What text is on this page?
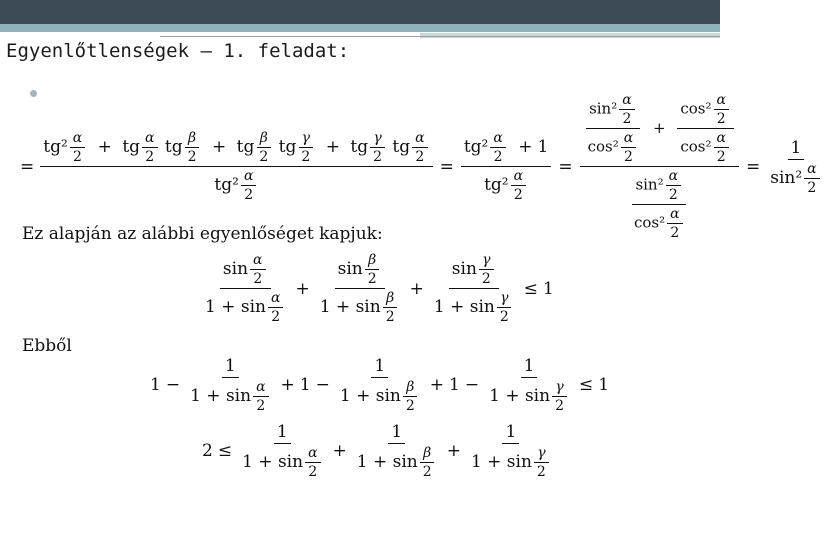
Egyenlőtlenségek – 1. feladat:
=
$tg^2 \frac{\alpha}{2}$ + tg $\frac{\alpha}{2}$ tg $\frac{\beta}{2}$ + tg $\frac{\beta}{2}$ tg $\frac{\gamma}{2}$ + tg $\frac{\gamma}{2}$ tg $\frac{\alpha}{2}$
$tg^2 \frac{\alpha}{2}$
= $\frac{tg^2 \frac{\alpha}{2} + 1}{tg^2 \frac{\alpha}{2}} = \frac{\frac{\sin^2 \frac{\alpha}{2}}{\cos^2 \frac{\alpha}{2}} + \frac{\cos^2 \frac{\alpha}{2}}{\cos^2 \frac{\alpha}{2}}}{\frac{\sin^2 \frac{\alpha}{2}}{\cos^2 \frac{\alpha}{2}}} = \frac{1}{\sin^2 \frac{\alpha}{2}}$
Ez alapján az alábbi egyenlőséget kapjuk:
$\frac{\sin \frac{\alpha}{2}}{1 + \sin \frac{\alpha}{2}} + \frac{\sin \frac{\beta}{2}}{1 + \sin \frac{\beta}{2}} + \frac{\sin \frac{\gamma}{2}}{1 + \sin \frac{\gamma}{2}} \le 1$
Ebből
$1 - \frac{1}{1 + \sin \frac{\alpha}{2}} + 1 - \frac{1}{1 + \sin \frac{\beta}{2}} + 1 - \frac{1}{1 + \sin \frac{\gamma}{2}} \le 1$
$2 \le \frac{1}{1 + \sin \frac{\alpha}{2}} + \frac{1}{1 + \sin \frac{\beta}{2}} + \frac{1}{1 + \sin \frac{\gamma}{2}}$
